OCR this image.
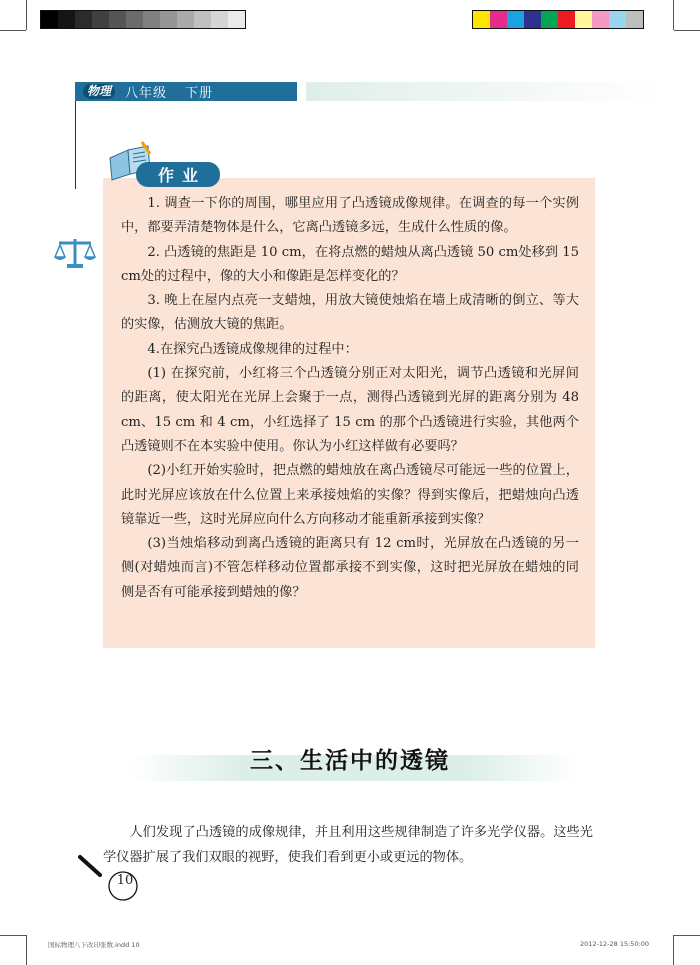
物理	八年级 下册
作业

1. 调查一下你的周围，哪里应用了凸透镜成像规律。在调查的每一个实例中，都要弄清楚物体是什么，它离凸透镜多远，生成什么性质的像。

2. 凸透镜的焦距是 10 cm，在将点燃的蜡烛从离凸透镜 50 cm处移到 15 cm处的过程中，像的大小和像距是怎样变化的？

3. 晚上在屋内点亮一支蜡烛，用放大镜使烛焰在墙上成清晰的倒立、等大的实像，估测放大镜的焦距。

4.在探究凸透镜成像规律的过程中：

(1) 在探究前，小红将三个凸透镜分别正对太阳光，调节凸透镜和光屏间的距离，使太阳光在光屏上会聚于一点，测得凸透镜到光屏的距离分别为 48 cm、15 cm 和 4 cm，小红选择了 15 cm 的那个凸透镜进行实验，其他两个凸透镜则不在本实验中使用。你认为小红这样做有必要吗？

(2)小红开始实验时，把点燃的蜡烛放在离凸透镜尽可能远一些的位置上，此时光屏应该放在什么位置上来承接烛焰的实像？得到实像后，把蜡烛向凸透镜靠近一些，这时光屏应向什么方向移动才能重新承接到实像？

(3)当烛焰移动到离凸透镜的距离只有 12 cm时，光屏放在凸透镜的另一侧(对蜡烛而言)不管怎样移动位置都承接不到实像，这时把光屏放在蜡烛的同侧是否有可能承接到蜡烛的像？

三、生活中的透镜

人们发现了凸透镜的成像规律，并且利用这些规律制造了许多光学仪器。这些光学仪器扩展了我们双眼的视野，使我们看到更小或更远的物体。

10
国标物理八下改印张数.indd 10	2012-12-28 15:50:00
